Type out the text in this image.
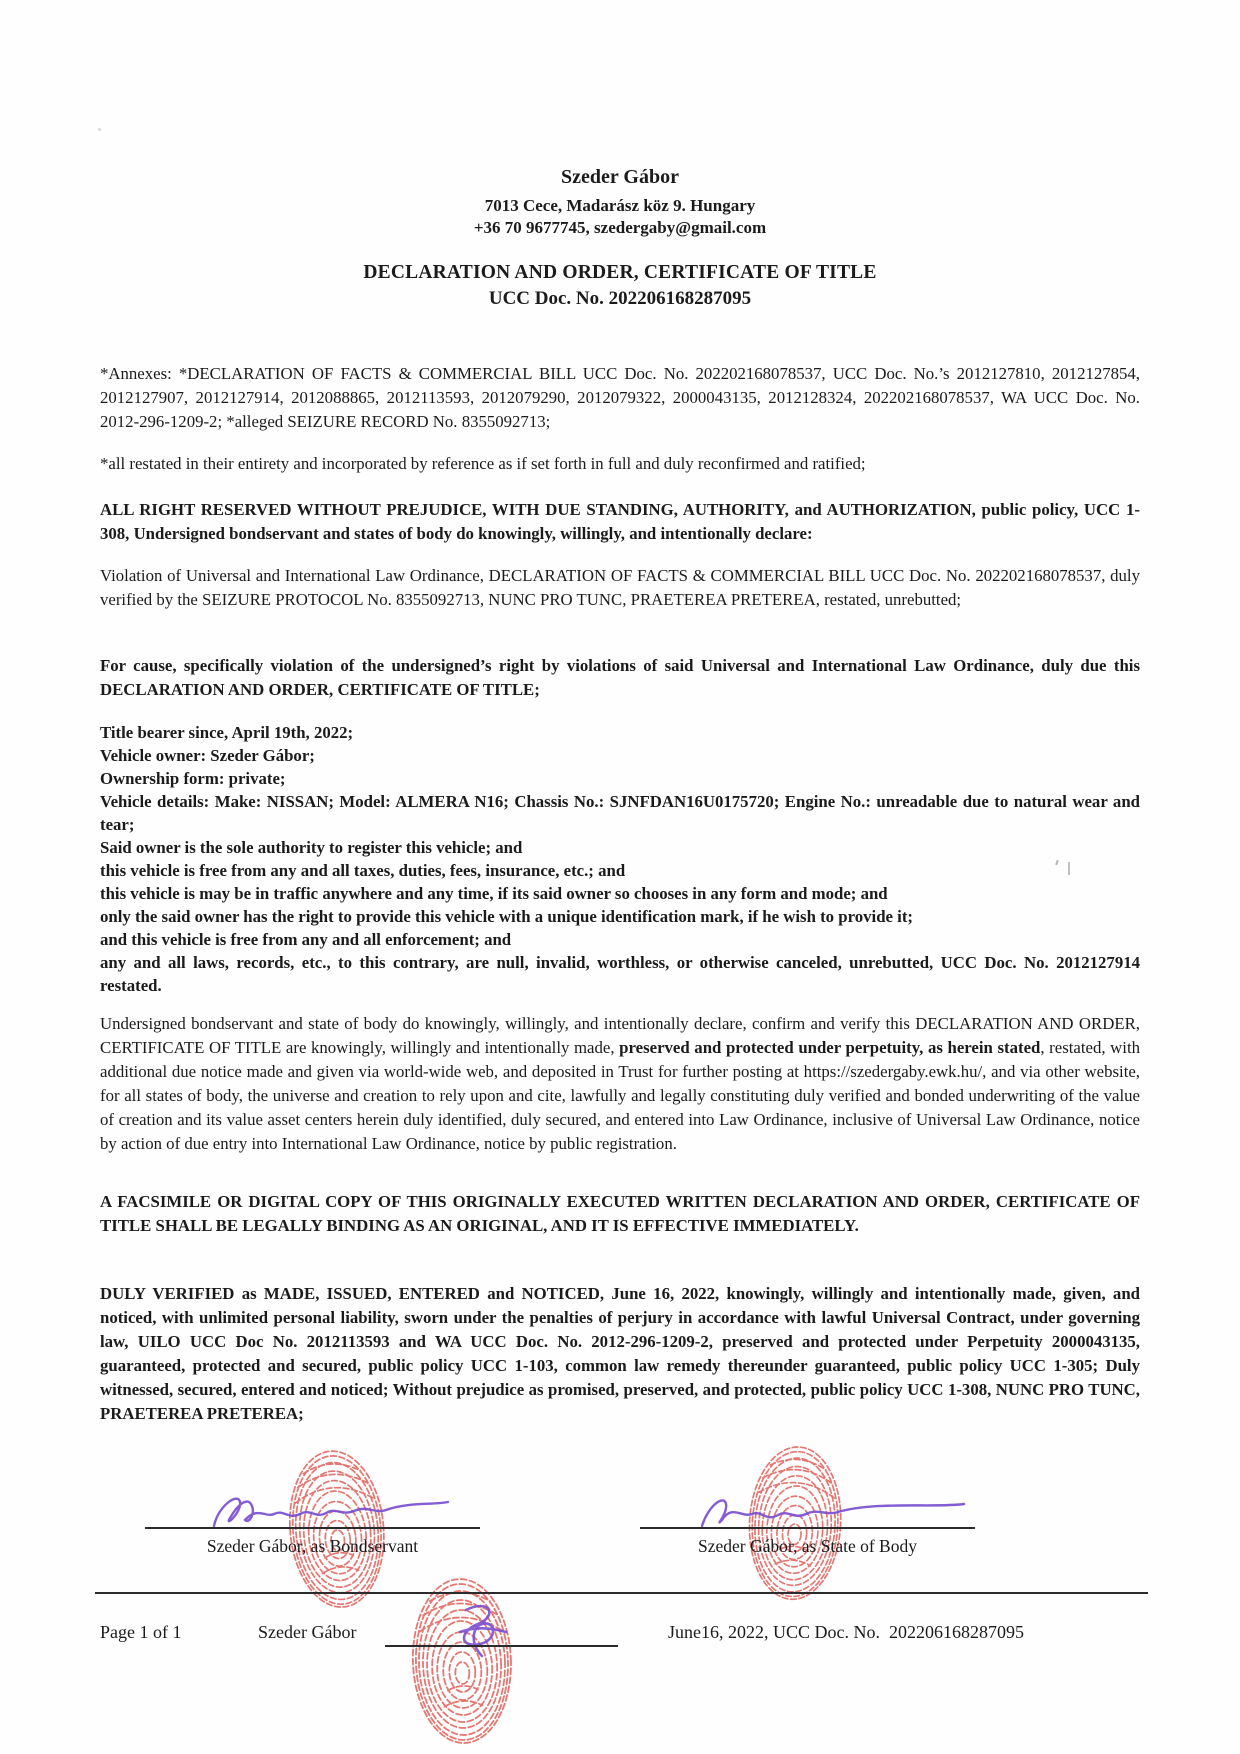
Szeder Gábor
7013 Cece, Madarász köz 9. Hungary
+36 70 9677745, szedergaby@gmail.com
DECLARATION AND ORDER, CERTIFICATE OF TITLE
UCC Doc. No. 202206168287095
*Annexes: *DECLARATION OF FACTS & COMMERCIAL BILL UCC Doc. No. 202202168078537, UCC Doc. No.’s 2012127810, 2012127854, 2012127907, 2012127914, 2012088865, 2012113593, 2012079290, 2012079322, 2000043135, 2012128324, 202202168078537, WA UCC Doc. No. 2012-296-1209-2; *alleged SEIZURE RECORD No. 8355092713;
*all restated in their entirety and incorporated by reference as if set forth in full and duly reconfirmed and ratified;
ALL RIGHT RESERVED WITHOUT PREJUDICE, WITH DUE STANDING, AUTHORITY, and AUTHORIZATION, public policy, UCC 1-308, Undersigned bondservant and states of body do knowingly, willingly, and intentionally declare:
Violation of Universal and International Law Ordinance, DECLARATION OF FACTS & COMMERCIAL BILL UCC Doc. No. 202202168078537, duly verified by the SEIZURE PROTOCOL No. 8355092713, NUNC PRO TUNC, PRAETEREA PRETEREA, restated, unrebutted;
For cause, specifically violation of the undersigned’s right by violations of said Universal and International Law Ordinance, duly due this DECLARATION AND ORDER, CERTIFICATE OF TITLE;
Title bearer since, April 19th, 2022;
Vehicle owner: Szeder Gábor;
Ownership form: private;
Vehicle details: Make: NISSAN; Model: ALMERA N16; Chassis No.: SJNFDAN16U0175720; Engine No.: unreadable due to natural wear and tear;
Said owner is the sole authority to register this vehicle; and
this vehicle is free from any and all taxes, duties, fees, insurance, etc.; and
this vehicle is may be in traffic anywhere and any time, if its said owner so chooses in any form and mode; and
only the said owner has the right to provide this vehicle with a unique identification mark, if he wish to provide it;
and this vehicle is free from any and all enforcement; and
any and all laws, records, etc., to this contrary, are null, invalid, worthless, or otherwise canceled, unrebutted, UCC Doc. No. 2012127914 restated.
Undersigned bondservant and state of body do knowingly, willingly, and intentionally declare, confirm and verify this DECLARATION AND ORDER, CERTIFICATE OF TITLE are knowingly, willingly and intentionally made, preserved and protected under perpetuity, as herein stated, restated, with additional due notice made and given via world-wide web, and deposited in Trust for further posting at https://szedergaby.ewk.hu/, and via other website, for all states of body, the universe and creation to rely upon and cite, lawfully and legally constituting duly verified and bonded underwriting of the value of creation and its value asset centers herein duly identified, duly secured, and entered into Law Ordinance, inclusive of Universal Law Ordinance, notice by action of due entry into International Law Ordinance, notice by public registration.
A FACSIMILE OR DIGITAL COPY OF THIS ORIGINALLY EXECUTED WRITTEN DECLARATION AND ORDER, CERTIFICATE OF TITLE SHALL BE LEGALLY BINDING AS AN ORIGINAL, AND IT IS EFFECTIVE IMMEDIATELY.
DULY VERIFIED as MADE, ISSUED, ENTERED and NOTICED, June 16, 2022, knowingly, willingly and intentionally made, given, and noticed, with unlimited personal liability, sworn under the penalties of perjury in accordance with lawful Universal Contract, under governing law, UILO UCC Doc No. 2012113593 and WA UCC Doc. No. 2012-296-1209-2, preserved and protected under Perpetuity 2000043135, guaranteed, protected and secured, public policy UCC 1-103, common law remedy thereunder guaranteed, public policy UCC 1-305; Duly witnessed, secured, entered and noticed; Without prejudice as promised, preserved, and protected, public policy UCC 1-308, NUNC PRO TUNC, PRAETEREA PRETEREA;
Szeder Gábor, as Bondservant	Szeder Gábor, as State of Body
Page 1 of 1	Szeder Gábor	June16, 2022, UCC Doc. No.  202206168287095
